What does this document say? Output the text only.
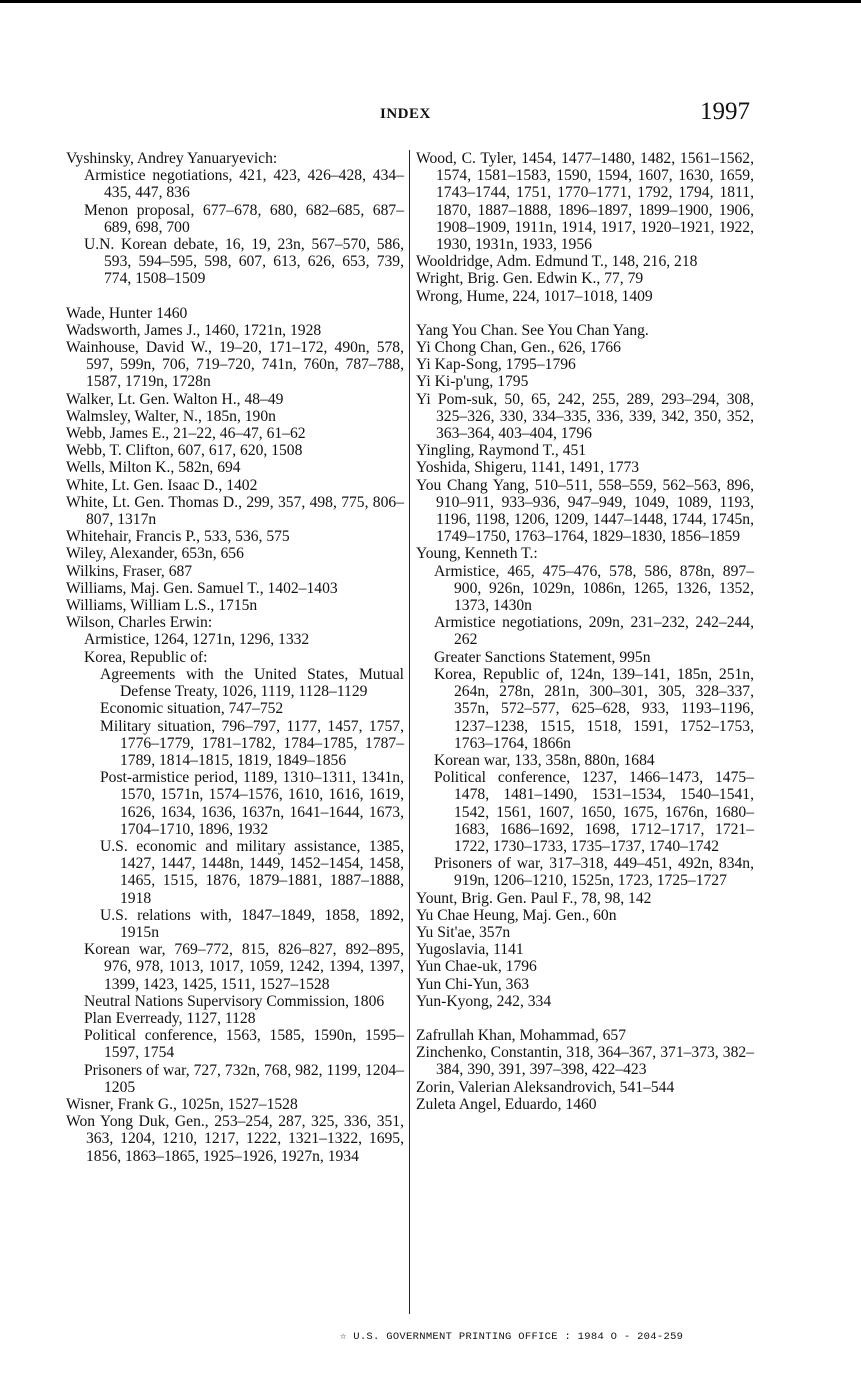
INDEX	1997
Vyshinsky, Andrey Yanuaryevich:
Armistice negotiations, 421, 423, 426–428, 434–435, 447, 836
Menon proposal, 677–678, 680, 682–685, 687–689, 698, 700
U.N. Korean debate, 16, 19, 23n, 567–570, 586, 593, 594–595, 598, 607, 613, 626, 653, 739, 774, 1508–1509
Wade, Hunter 1460
Wadsworth, James J., 1460, 1721n, 1928
Wainhouse, David W., 19–20, 171–172, 490n, 578, 597, 599n, 706, 719–720, 741n, 760n, 787–788, 1587, 1719n, 1728n
Walker, Lt. Gen. Walton H., 48–49
Walmsley, Walter, N., 185n, 190n
Webb, James E., 21–22, 46–47, 61–62
Webb, T. Clifton, 607, 617, 620, 1508
Wells, Milton K., 582n, 694
White, Lt. Gen. Isaac D., 1402
White, Lt. Gen. Thomas D., 299, 357, 498, 775, 806–807, 1317n
Whitehair, Francis P., 533, 536, 575
Wiley, Alexander, 653n, 656
Wilkins, Fraser, 687
Williams, Maj. Gen. Samuel T., 1402–1403
Williams, William L.S., 1715n
Wilson, Charles Erwin:
Armistice, 1264, 1271n, 1296, 1332
Korea, Republic of:
Agreements with the United States, Mutual Defense Treaty, 1026, 1119, 1128–1129
Economic situation, 747–752
Military situation, 796–797, 1177, 1457, 1757, 1776–1779, 1781–1782, 1784–1785, 1787–1789, 1814–1815, 1819, 1849–1856
Post-armistice period, 1189, 1310–1311, 1341n, 1570, 1571n, 1574–1576, 1610, 1616, 1619, 1626, 1634, 1636, 1637n, 1641–1644, 1673, 1704–1710, 1896, 1932
U.S. economic and military assistance, 1385, 1427, 1447, 1448n, 1449, 1452–1454, 1458, 1465, 1515, 1876, 1879–1881, 1887–1888, 1918
U.S. relations with, 1847–1849, 1858, 1892, 1915n
Korean war, 769–772, 815, 826–827, 892–895, 976, 978, 1013, 1017, 1059, 1242, 1394, 1397, 1399, 1423, 1425, 1511, 1527–1528
Neutral Nations Supervisory Commission, 1806
Plan Everready, 1127, 1128
Political conference, 1563, 1585, 1590n, 1595–1597, 1754
Prisoners of war, 727, 732n, 768, 982, 1199, 1204–1205
Wisner, Frank G., 1025n, 1527–1528
Won Yong Duk, Gen., 253–254, 287, 325, 336, 351, 363, 1204, 1210, 1217, 1222, 1321–1322, 1695, 1856, 1863–1865, 1925–1926, 1927n, 1934
Wood, C. Tyler, 1454, 1477–1480, 1482, 1561–1562, 1574, 1581–1583, 1590, 1594, 1607, 1630, 1659, 1743–1744, 1751, 1770–1771, 1792, 1794, 1811, 1870, 1887–1888, 1896–1897, 1899–1900, 1906, 1908–1909, 1911n, 1914, 1917, 1920–1921, 1922, 1930, 1931n, 1933, 1956
Wooldridge, Adm. Edmund T., 148, 216, 218
Wright, Brig. Gen. Edwin K., 77, 79
Wrong, Hume, 224, 1017–1018, 1409
Yang You Chan. See You Chan Yang.
Yi Chong Chan, Gen., 626, 1766
Yi Kap-Song, 1795–1796
Yi Ki-p'ung, 1795
Yi Pom-suk, 50, 65, 242, 255, 289, 293–294, 308, 325–326, 330, 334–335, 336, 339, 342, 350, 352, 363–364, 403–404, 1796
Yingling, Raymond T., 451
Yoshida, Shigeru, 1141, 1491, 1773
You Chang Yang, 510–511, 558–559, 562–563, 896, 910–911, 933–936, 947–949, 1049, 1089, 1193, 1196, 1198, 1206, 1209, 1447–1448, 1744, 1745n, 1749–1750, 1763–1764, 1829–1830, 1856–1859
Young, Kenneth T.:
Armistice, 465, 475–476, 578, 586, 878n, 897–900, 926n, 1029n, 1086n, 1265, 1326, 1352, 1373, 1430n
Armistice negotiations, 209n, 231–232, 242–244, 262
Greater Sanctions Statement, 995n
Korea, Republic of, 124n, 139–141, 185n, 251n, 264n, 278n, 281n, 300–301, 305, 328–337, 357n, 572–577, 625–628, 933, 1193–1196, 1237–1238, 1515, 1518, 1591, 1752–1753, 1763–1764, 1866n
Korean war, 133, 358n, 880n, 1684
Political conference, 1237, 1466–1473, 1475–1478, 1481–1490, 1531–1534, 1540–1541, 1542, 1561, 1607, 1650, 1675, 1676n, 1680–1683, 1686–1692, 1698, 1712–1717, 1721–1722, 1730–1733, 1735–1737, 1740–1742
Prisoners of war, 317–318, 449–451, 492n, 834n, 919n, 1206–1210, 1525n, 1723, 1725–1727
Yount, Brig. Gen. Paul F., 78, 98, 142
Yu Chae Heung, Maj. Gen., 60n
Yu Sit'ae, 357n
Yugoslavia, 1141
Yun Chae-uk, 1796
Yun Chi-Yun, 363
Yun-Kyong, 242, 334
Zafrullah Khan, Mohammad, 657
Zinchenko, Constantin, 318, 364–367, 371–373, 382–384, 390, 391, 397–398, 422–423
Zorin, Valerian Aleksandrovich, 541–544
Zuleta Angel, Eduardo, 1460
☆ U.S. GOVERNMENT PRINTING OFFICE : 1984 O - 204-259
